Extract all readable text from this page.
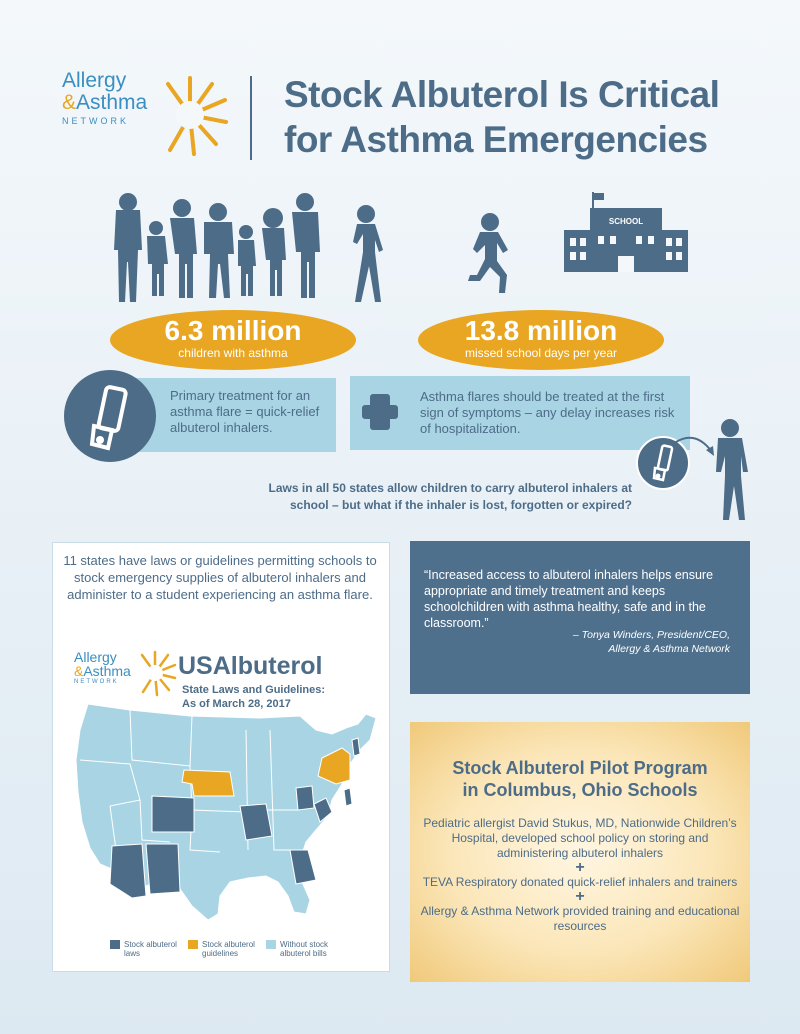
Allergy
&Asthma
NETWORK
Stock Albuterol Is Critical
for Asthma Emergencies
SCHOOL
6.3 million
children with asthma
13.8 million
missed school days per year
Primary treatment for an asthma flare = quick-relief albuterol inhalers.
Asthma flares should be treated at the first sign of symptoms – any delay increases risk of hospitalization.
Laws in all 50 states allow children to carry albuterol inhalers at
school – but what if the inhaler is lost, forgotten or expired?
11 states have laws or guidelines permitting schools to stock emergency supplies of albuterol inhalers and administer to a student experiencing an asthma flare.
Allergy
&Asthma
NETWORK
USAlbuterol
State Laws and Guidelines:
As of March 28, 2017
Stock albuterol laws
Stock albuterol guidelines
Without stock albuterol bills
“Increased access to albuterol inhalers helps ensure appropriate and timely treatment and keeps schoolchildren with asthma healthy, safe and in the classroom.”
– Tonya Winders, President/CEO,
Allergy & Asthma Network
Stock Albuterol Pilot Program
in Columbus, Ohio Schools
Pediatric allergist David Stukus, MD, Nationwide Children’s Hospital, developed school policy on storing and administering albuterol inhalers
+
TEVA Respiratory donated quick-relief inhalers and trainers
+
Allergy & Asthma Network provided training and educational resources
